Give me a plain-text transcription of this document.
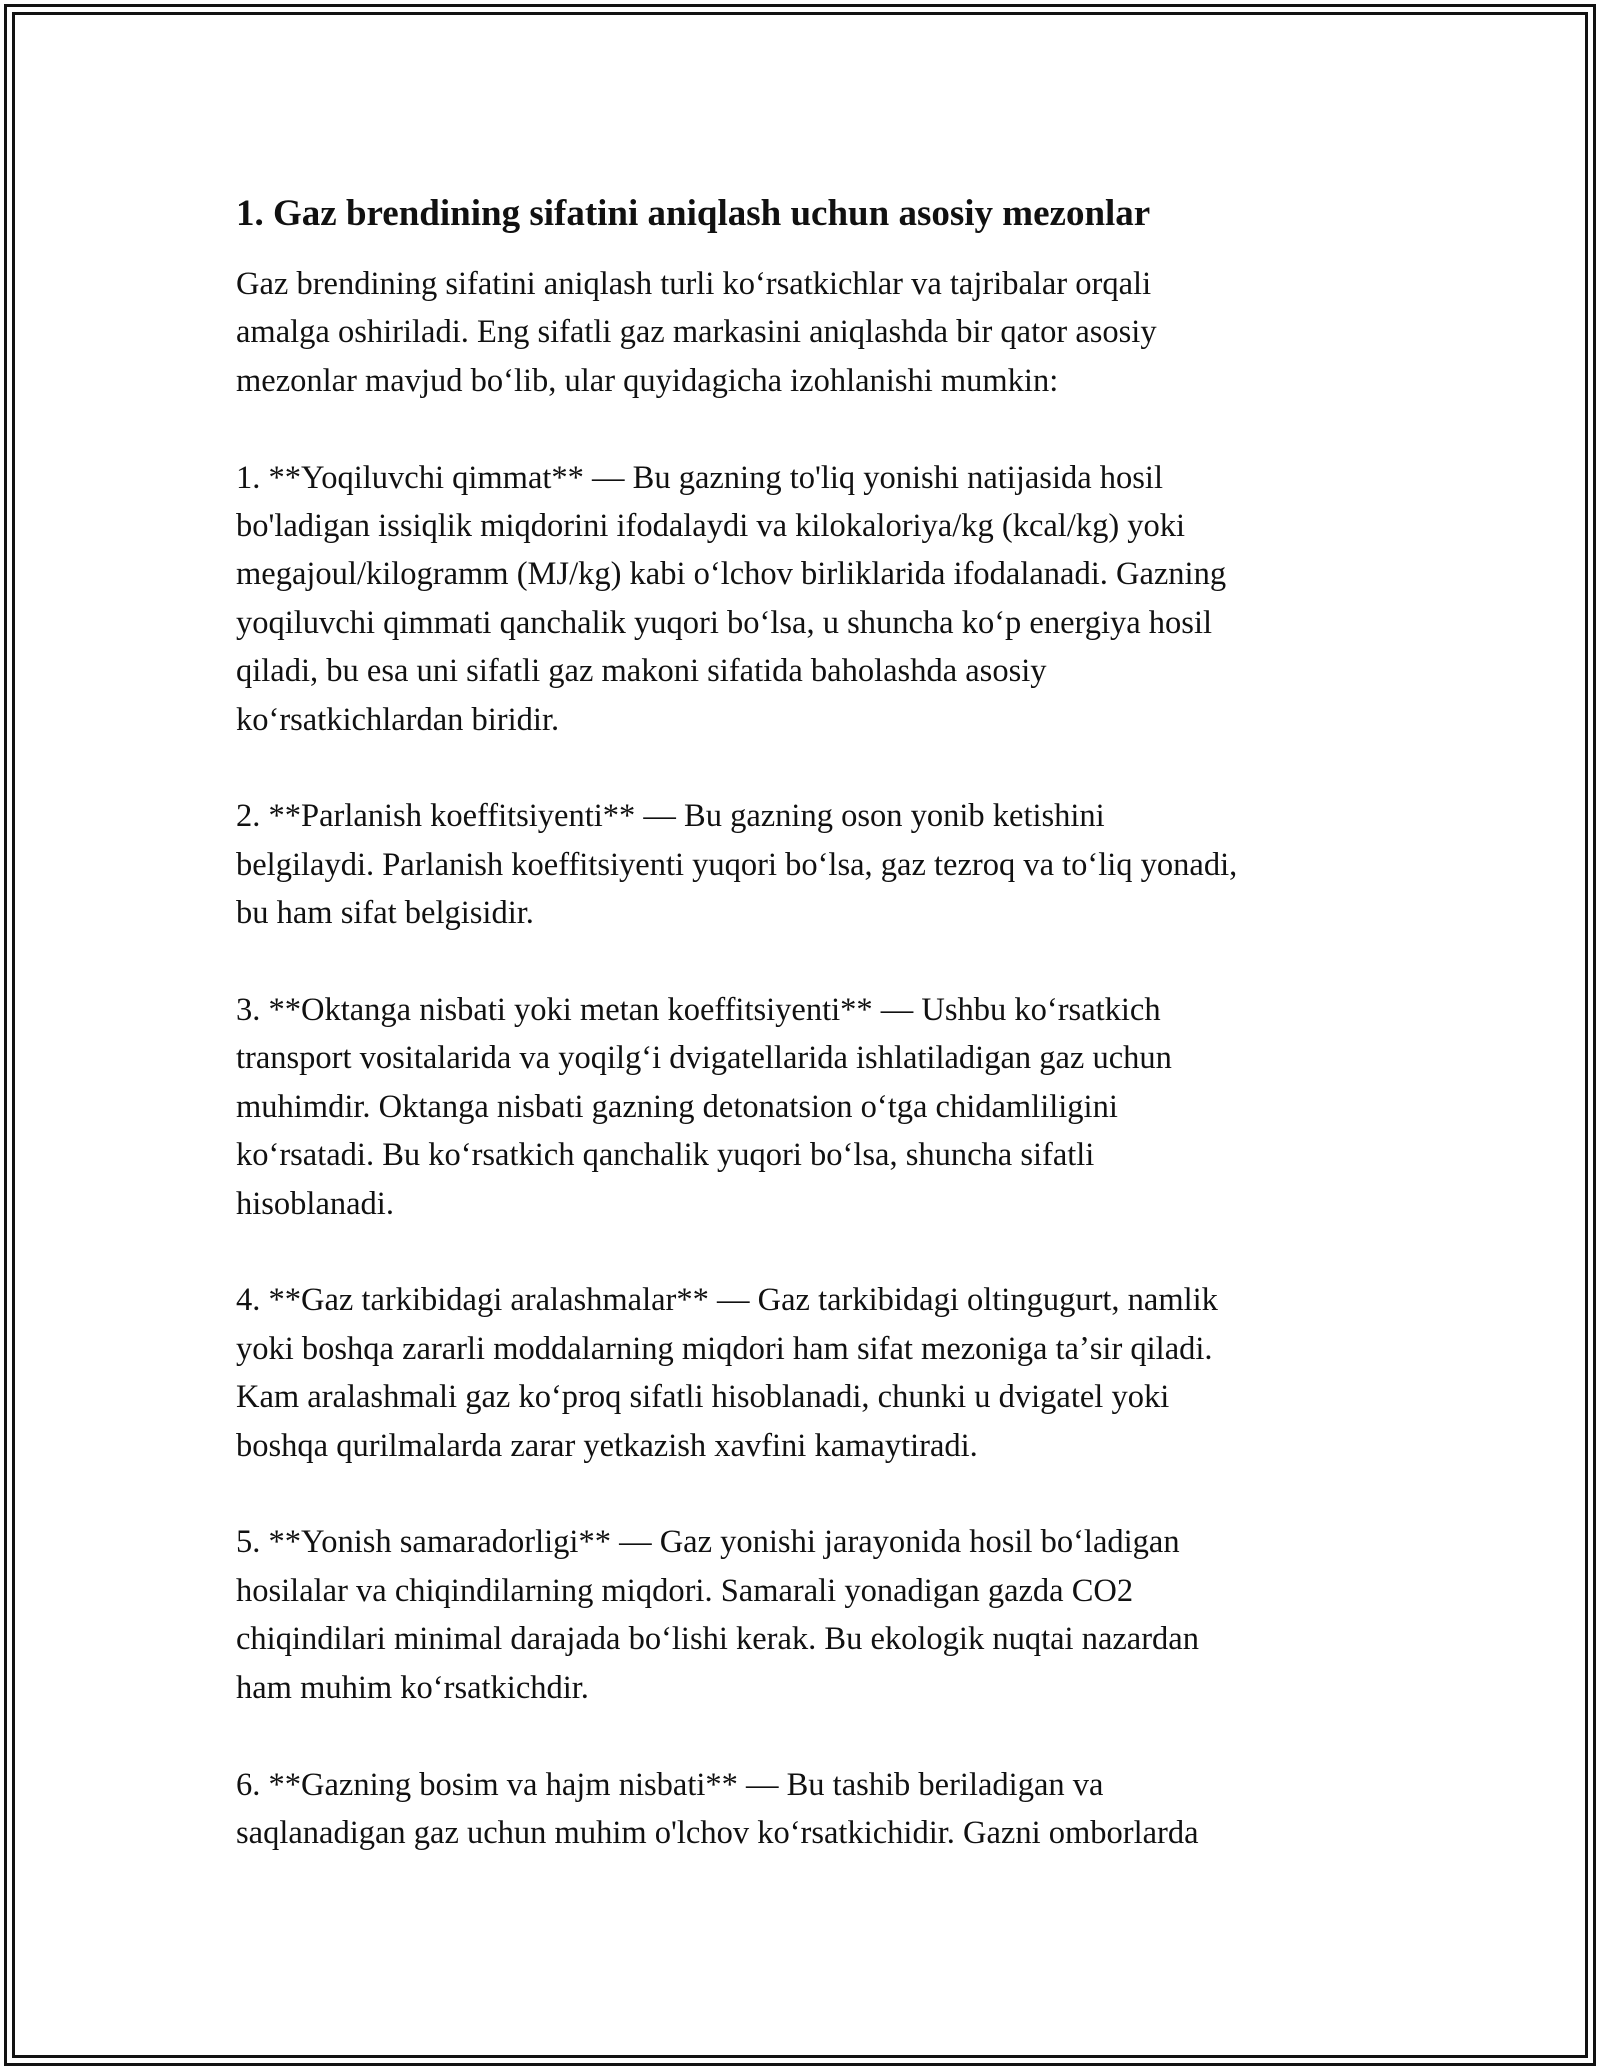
1. Gaz brendining sifatini aniqlash uchun asosiy mezonlar

Gaz brendining sifatini aniqlash turli koʻrsatkichlar va tajribalar orqali
amalga oshiriladi. Eng sifatli gaz markasini aniqlashda bir qator asosiy
mezonlar mavjud boʻlib, ular quyidagicha izohlanishi mumkin:

1. **Yoqiluvchi qimmat** — Bu gazning to'liq yonishi natijasida hosil
bo'ladigan issiqlik miqdorini ifodalaydi va kilokaloriya/kg (kcal/kg) yoki
megajoul/kilogramm (MJ/kg) kabi oʻlchov birliklarida ifodalanadi. Gazning
yoqiluvchi qimmati qanchalik yuqori boʻlsa, u shuncha koʻp energiya hosil
qiladi, bu esa uni sifatli gaz makoni sifatida baholashda asosiy
koʻrsatkichlardan biridir.

2. **Parlanish koeffitsiyenti** — Bu gazning oson yonib ketishini
belgilaydi. Parlanish koeffitsiyenti yuqori boʻlsa, gaz tezroq va toʻliq yonadi,
bu ham sifat belgisidir.

3. **Oktanga nisbati yoki metan koeffitsiyenti** — Ushbu koʻrsatkich
transport vositalarida va yoqilgʻi dvigatellarida ishlatiladigan gaz uchun
muhimdir. Oktanga nisbati gazning detonatsion oʻtga chidamliligini
koʻrsatadi. Bu koʻrsatkich qanchalik yuqori boʻlsa, shuncha sifatli
hisoblanadi.

4. **Gaz tarkibidagi aralashmalar** — Gaz tarkibidagi oltingugurt, namlik
yoki boshqa zararli moddalarning miqdori ham sifat mezoniga taʼsir qiladi.
Kam aralashmali gaz koʻproq sifatli hisoblanadi, chunki u dvigatel yoki
boshqa qurilmalarda zarar yetkazish xavfini kamaytiradi.

5. **Yonish samaradorligi** — Gaz yonishi jarayonida hosil boʻladigan
hosilalar va chiqindilarning miqdori. Samarali yonadigan gazda CO2
chiqindilari minimal darajada boʻlishi kerak. Bu ekologik nuqtai nazardan
ham muhim koʻrsatkichdir.

6. **Gazning bosim va hajm nisbati** — Bu tashib beriladigan va
saqlanadigan gaz uchun muhim o'lchov koʻrsatkichidir. Gazni omborlarda
